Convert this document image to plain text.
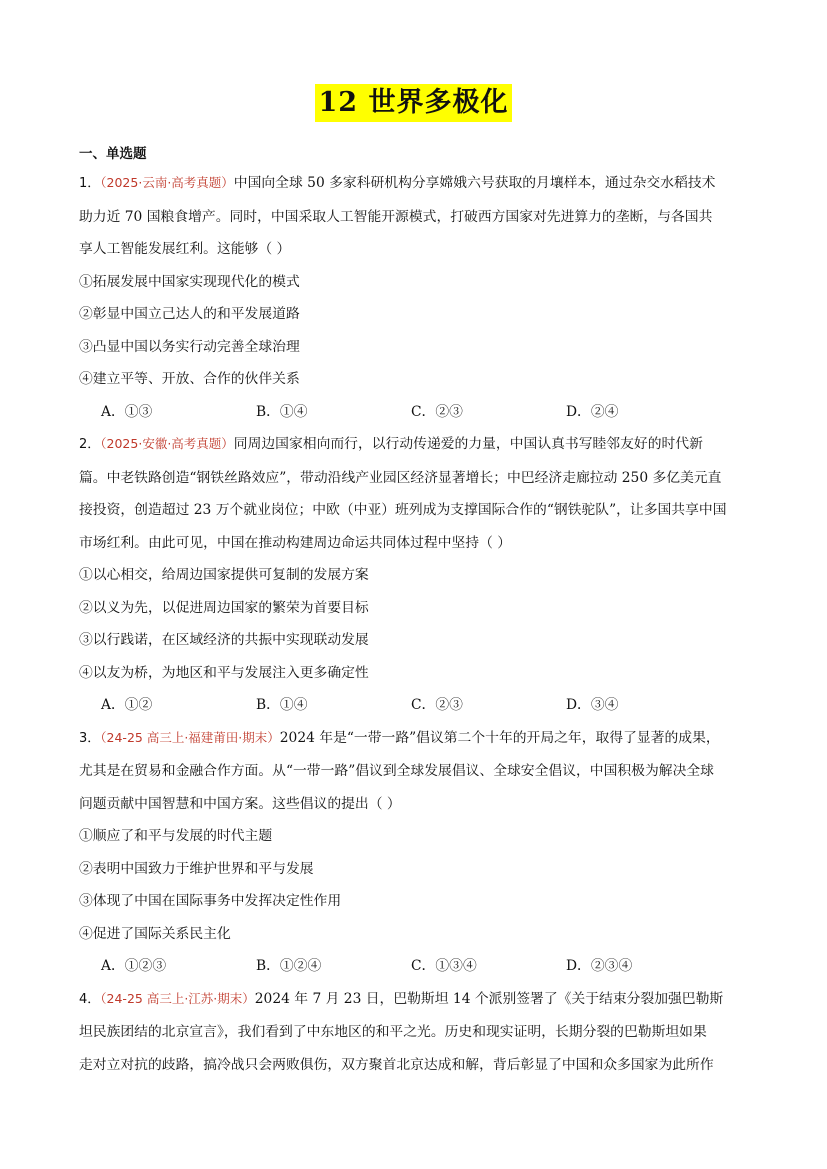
12 世界多极化
一、单选题
1．（2025·云南·高考真题）中国向全球 50 多家科研机构分享嫦娥六号获取的月壤样本，通过杂交水稻技术
助力近 70 国粮食增产。同时，中国采取人工智能开源模式，打破西方国家对先进算力的垄断，与各国共
享人工智能发展红利。这能够（ ）
①拓展发展中国家实现现代化的模式
②彰显中国立己达人的和平发展道路
③凸显中国以务实行动完善全球治理
④建立平等、开放、合作的伙伴关系
A．①③	B．①④	C．②③	D．②④
2．（2025·安徽·高考真题）同周边国家相向而行，以行动传递爱的力量，中国认真书写睦邻友好的时代新
篇。中老铁路创造“钢铁丝路效应”，带动沿线产业园区经济显著增长；中巴经济走廊拉动 250 多亿美元直
接投资，创造超过 23 万个就业岗位；中欧（中亚）班列成为支撑国际合作的“钢铁驼队”，让多国共享中国
市场红利。由此可见，中国在推动构建周边命运共同体过程中坚持（ ）
①以心相交，给周边国家提供可复制的发展方案
②以义为先，以促进周边国家的繁荣为首要目标
③以行践诺，在区域经济的共振中实现联动发展
④以友为桥，为地区和平与发展注入更多确定性
A．①②	B．①④	C．②③	D．③④
3．（24-25 高三上·福建莆田·期末）2024 年是“一带一路”倡议第二个十年的开局之年，取得了显著的成果，
尤其是在贸易和金融合作方面。从“一带一路”倡议到全球发展倡议、全球安全倡议，中国积极为解决全球
问题贡献中国智慧和中国方案。这些倡议的提出（ ）
①顺应了和平与发展的时代主题
②表明中国致力于维护世界和平与发展
③体现了中国在国际事务中发挥决定性作用
④促进了国际关系民主化
A．①②③	B．①②④	C．①③④	D．②③④
4．（24-25 高三上·江苏·期末）2024 年 7 月 23 日，巴勒斯坦 14 个派别签署了《关于结束分裂加强巴勒斯
坦民族团结的北京宣言》，我们看到了中东地区的和平之光。历史和现实证明，长期分裂的巴勒斯坦如果
走对立对抗的歧路，搞冷战只会两败俱伤，双方聚首北京达成和解，背后彰显了中国和众多国家为此所作
